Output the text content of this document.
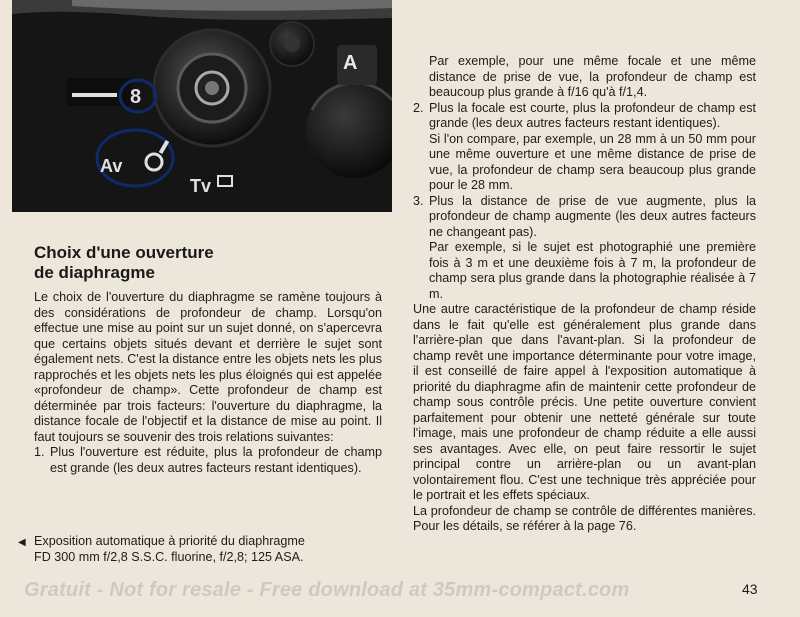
A
8
Av
Tv
Choix d'une ouverture
de diaphragme

Le choix de l'ouverture du diaphragme se ramène toujours à des considérations de profondeur de champ. Lorsqu'on effectue une mise au point sur un sujet donné, on s'apercevra que certains objets situés devant et derrière le sujet sont également nets. C'est la distance entre les objets nets les plus rapprochés et les objets nets les plus éloignés qui est appelée «profondeur de champ». Cette profondeur de champ est déterminée par trois facteurs: l'ouverture du diaphragme, la distance focale de l'objectif et la distance de mise au point. Il faut toujours se souvenir des trois relations suivantes:

1. Plus l'ouverture est réduite, plus la profondeur de champ est grande (les deux autres facteurs restant identiques).
◀ Exposition automatique à priorité du diaphragme
FD 300 mm f/2,8 S.S.C. fluorine, f/2,8; 125 ASA.

Par exemple, pour une même focale et une même distance de prise de vue, la profondeur de champ est beaucoup plus grande à f/16 qu'à f/1,4.

2. Plus la focale est courte, plus la profondeur de champ est grande (les deux autres facteurs restant identiques).

Si l'on compare, par exemple, un 28 mm à un 50 mm pour une même ouverture et une même distance de prise de vue, la profondeur de champ sera beaucoup plus grande pour le 28 mm.

3. Plus la distance de prise de vue augmente, plus la profondeur de champ augmente (les deux autres facteurs ne changeant pas).

Par exemple, si le sujet est photographié une première fois à 3 m et une deuxième fois à 7 m, la profondeur de champ sera plus grande dans la photographie réalisée à 7 m.

Une autre caractéristique de la profondeur de champ réside dans le fait qu'elle est généralement plus grande dans l'arrière-plan que dans l'avant-plan. Si la profondeur de champ revêt une importance déterminante pour votre image, il est conseillé de faire appel à l'exposition automatique à priorité du diaphragme afin de maintenir cette profondeur de champ sous contrôle précis. Une petite ouverture convient parfaitement pour obtenir une netteté générale sur toute l'image, mais une profondeur de champ réduite a elle aussi ses avantages. Avec elle, on peut faire ressortir le sujet principal contre un arrière-plan ou un avant-plan volontairement flou. C'est une technique très appréciée pour le portrait et les effets spéciaux.

La profondeur de champ se contrôle de différentes manières. Pour les détails, se référer à la page 76.

Gratuit - Not for resale - Free download at 35mm-compact.com	43
